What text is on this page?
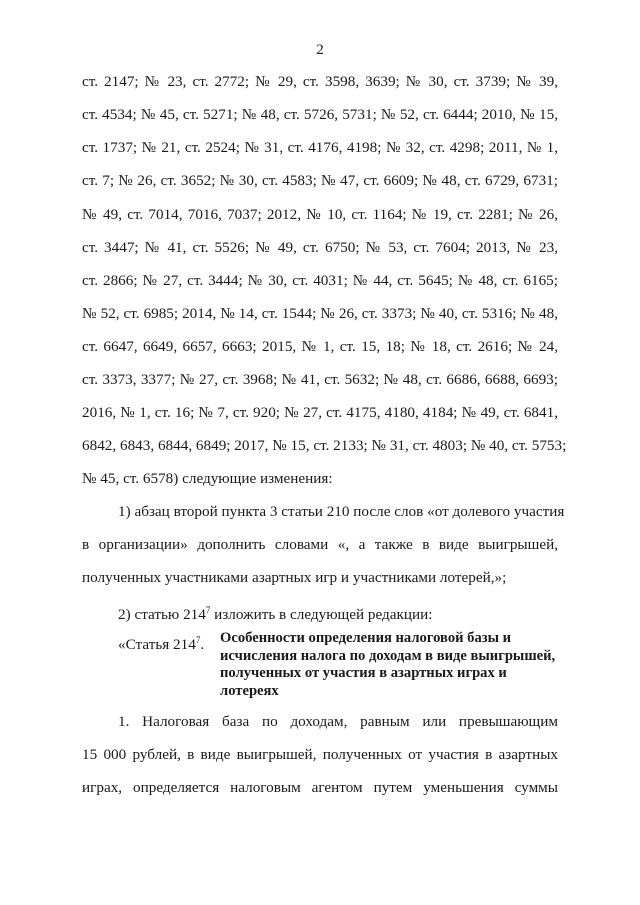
2
ст. 2147; № 23, ст. 2772; № 29, ст. 3598, 3639; № 30, ст. 3739; № 39,
ст. 4534; № 45, ст. 5271; № 48, ст. 5726, 5731; № 52, ст. 6444; 2010, № 15,
ст. 1737; № 21, ст. 2524; № 31, ст. 4176, 4198; № 32, ст. 4298; 2011, № 1,
ст. 7; № 26, ст. 3652; № 30, ст. 4583; № 47, ст. 6609; № 48, ст. 6729, 6731;
№ 49, ст. 7014, 7016, 7037; 2012, № 10, ст. 1164; № 19, ст. 2281; № 26,
ст. 3447; № 41, ст. 5526; № 49, ст. 6750; № 53, ст. 7604; 2013, № 23,
ст. 2866; № 27, ст. 3444; № 30, ст. 4031; № 44, ст. 5645; № 48, ст. 6165;
№ 52, ст. 6985; 2014, № 14, ст. 1544; № 26, ст. 3373; № 40, ст. 5316; № 48,
ст. 6647, 6649, 6657, 6663; 2015, № 1, ст. 15, 18; № 18, ст. 2616; № 24,
ст. 3373, 3377; № 27, ст. 3968; № 41, ст. 5632; № 48, ст. 6686, 6688, 6693;
2016, № 1, ст. 16; № 7, ст. 920; № 27, ст. 4175, 4180, 4184; № 49, ст. 6841,
6842, 6843, 6844, 6849; 2017, № 15, ст. 2133; № 31, ст. 4803; № 40, ст. 5753;
№ 45, ст. 6578) следующие изменения:
1) абзац второй пункта 3 статьи 210 после слов «от долевого участия
в организации» дополнить словами «, а также в виде выигрышей,
полученных участниками азартных игр и участниками лотерей,»;
2) статью $214^7$ изложить в следующей редакции:
«Статья $214^7$. Особенности определения налоговой базы и исчисления налога по доходам в виде выигрышей, полученных от участия в азартных играх и лотереях
1. Налоговая база по доходам, равным или превышающим
15 000 рублей, в виде выигрышей, полученных от участия в азартных
играх, определяется налоговым агентом путем уменьшения суммы
